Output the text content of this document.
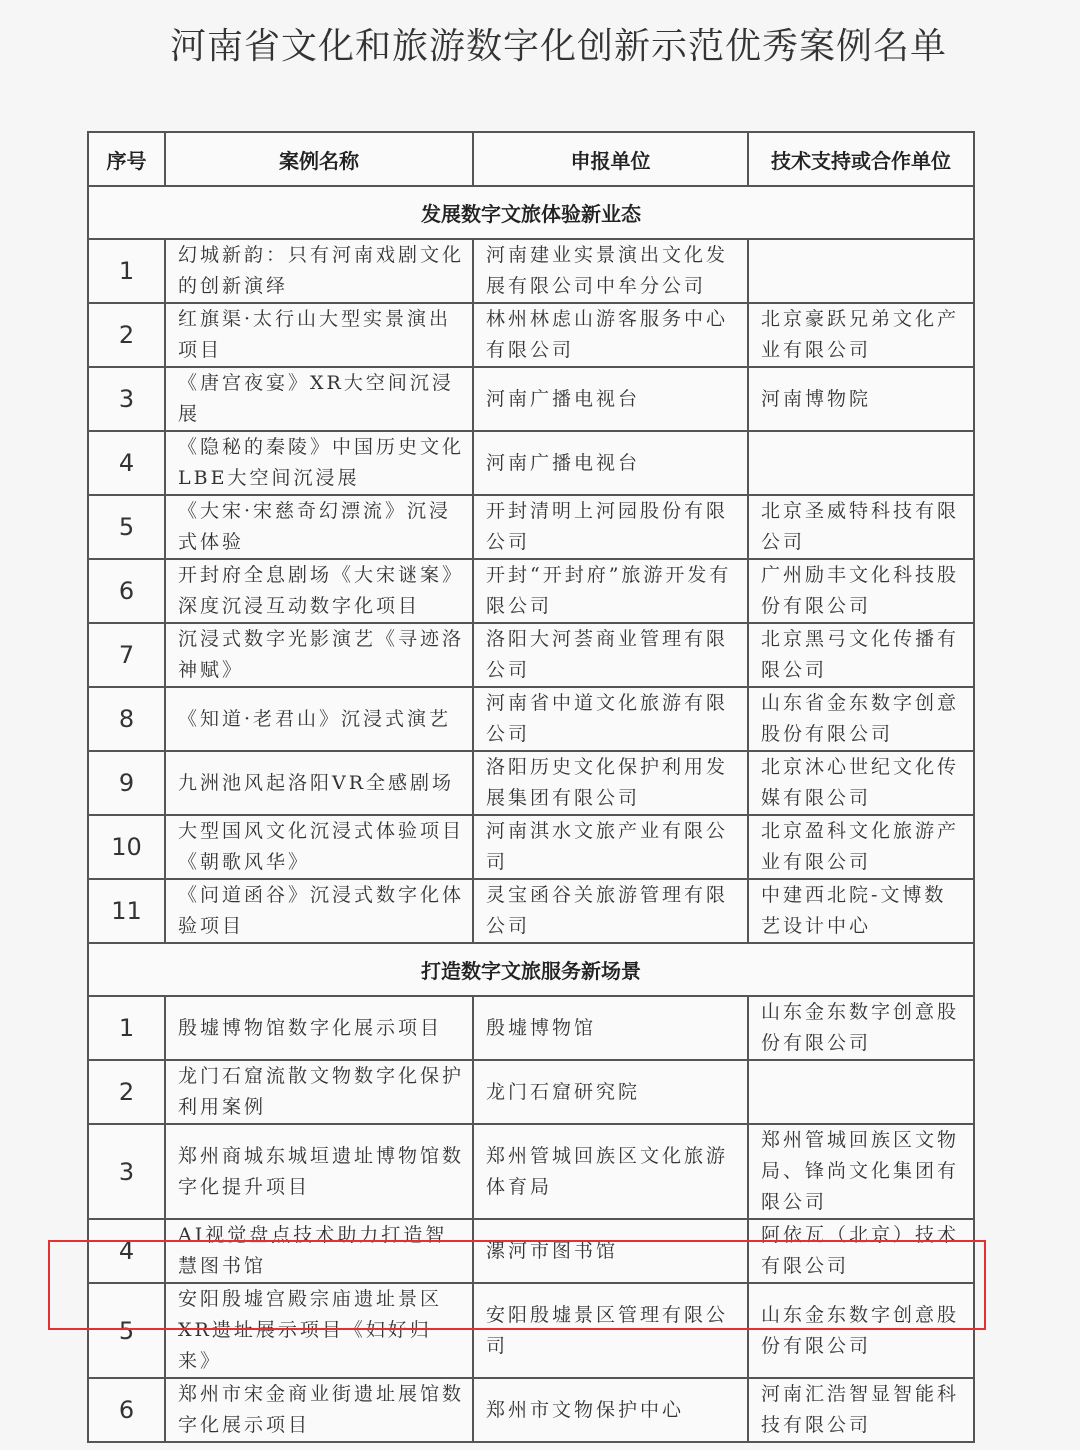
河南省文化和旅游数字化创新示范优秀案例名单
序号	案例名称	申报单位	技术支持或合作单位
发展数字文旅体验新业态			
1	幻城新韵：只有河南戏剧文化的创新演绎	河南建业实景演出文化发展有限公司中牟分公司	
2	红旗渠·太行山大型实景演出项目	林州林虑山游客服务中心有限公司	北京豪跃兄弟文化产业有限公司
3	《唐宫夜宴》XR大空间沉浸展	河南广播电视台	河南博物院
4	《隐秘的秦陵》中国历史文化LBE大空间沉浸展	河南广播电视台	
5	《大宋·宋慈奇幻漂流》沉浸式体验	开封清明上河园股份有限公司	北京圣威特科技有限公司
6	开封府全息剧场《大宋谜案》深度沉浸互动数字化项目	开封“开封府”旅游开发有限公司	广州励丰文化科技股份有限公司
7	沉浸式数字光影演艺《寻迹洛神赋》	洛阳大河荟商业管理有限公司	北京黑弓文化传播有限公司
8	《知道·老君山》沉浸式演艺	河南省中道文化旅游有限公司	山东省金东数字创意股份有限公司
9	九洲池风起洛阳VR全感剧场	洛阳历史文化保护利用发展集团有限公司	北京沐心世纪文化传媒有限公司
10	大型国风文化沉浸式体验项目《朝歌风华》	河南淇水文旅产业有限公司	北京盈科文化旅游产业有限公司
11	《问道函谷》沉浸式数字化体验项目	灵宝函谷关旅游管理有限公司	中建西北院-文博数艺设计中心
打造数字文旅服务新场景			
1	殷墟博物馆数字化展示项目	殷墟博物馆	山东金东数字创意股份有限公司
2	龙门石窟流散文物数字化保护利用案例	龙门石窟研究院	
3	郑州商城东城垣遗址博物馆数字化提升项目	郑州管城回族区文化旅游体育局	郑州管城回族区文物局、锋尚文化集团有限公司
4	AI视觉盘点技术助力打造智慧图书馆	漯河市图书馆	阿依瓦（北京）技术有限公司
5	安阳殷墟宫殿宗庙遗址景区XR遗址展示项目《妇好归来》	安阳殷墟景区管理有限公司	山东金东数字创意股份有限公司
6	郑州市宋金商业街遗址展馆数字化展示项目	郑州市文物保护中心	河南汇浩智显智能科技有限公司
